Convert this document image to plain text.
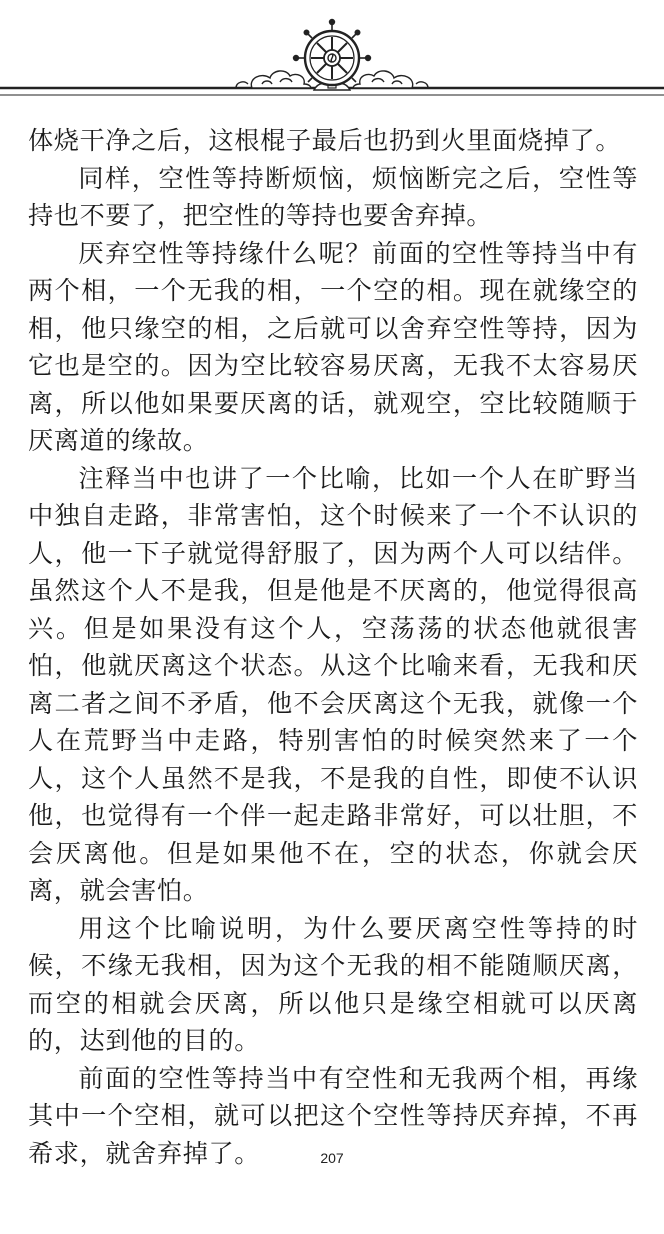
体烧干净之后，这根棍子最后也扔到火里面烧掉了。

同样，空性等持断烦恼，烦恼断完之后，空性等持也不要了，把空性的等持也要舍弃掉。

厌弃空性等持缘什么呢？前面的空性等持当中有两个相，一个无我的相，一个空的相。现在就缘空的相，他只缘空的相，之后就可以舍弃空性等持，因为它也是空的。因为空比较容易厌离，无我不太容易厌离，所以他如果要厌离的话，就观空，空比较随顺于厌离道的缘故。

注释当中也讲了一个比喻，比如一个人在旷野当中独自走路，非常害怕，这个时候来了一个不认识的人，他一下子就觉得舒服了，因为两个人可以结伴。虽然这个人不是我，但是他是不厌离的，他觉得很高兴。但是如果没有这个人，空荡荡的状态他就很害怕，他就厌离这个状态。从这个比喻来看，无我和厌离二者之间不矛盾，他不会厌离这个无我，就像一个人在荒野当中走路，特别害怕的时候突然来了一个人，这个人虽然不是我，不是我的自性，即使不认识他，也觉得有一个伴一起走路非常好，可以壮胆，不会厌离他。但是如果他不在，空的状态，你就会厌离，就会害怕。

用这个比喻说明，为什么要厌离空性等持的时候，不缘无我相，因为这个无我的相不能随顺厌离，而空的相就会厌离，所以他只是缘空相就可以厌离的，达到他的目的。

前面的空性等持当中有空性和无我两个相，再缘其中一个空相，就可以把这个空性等持厌弃掉，不再希求，就舍弃掉了。	207
